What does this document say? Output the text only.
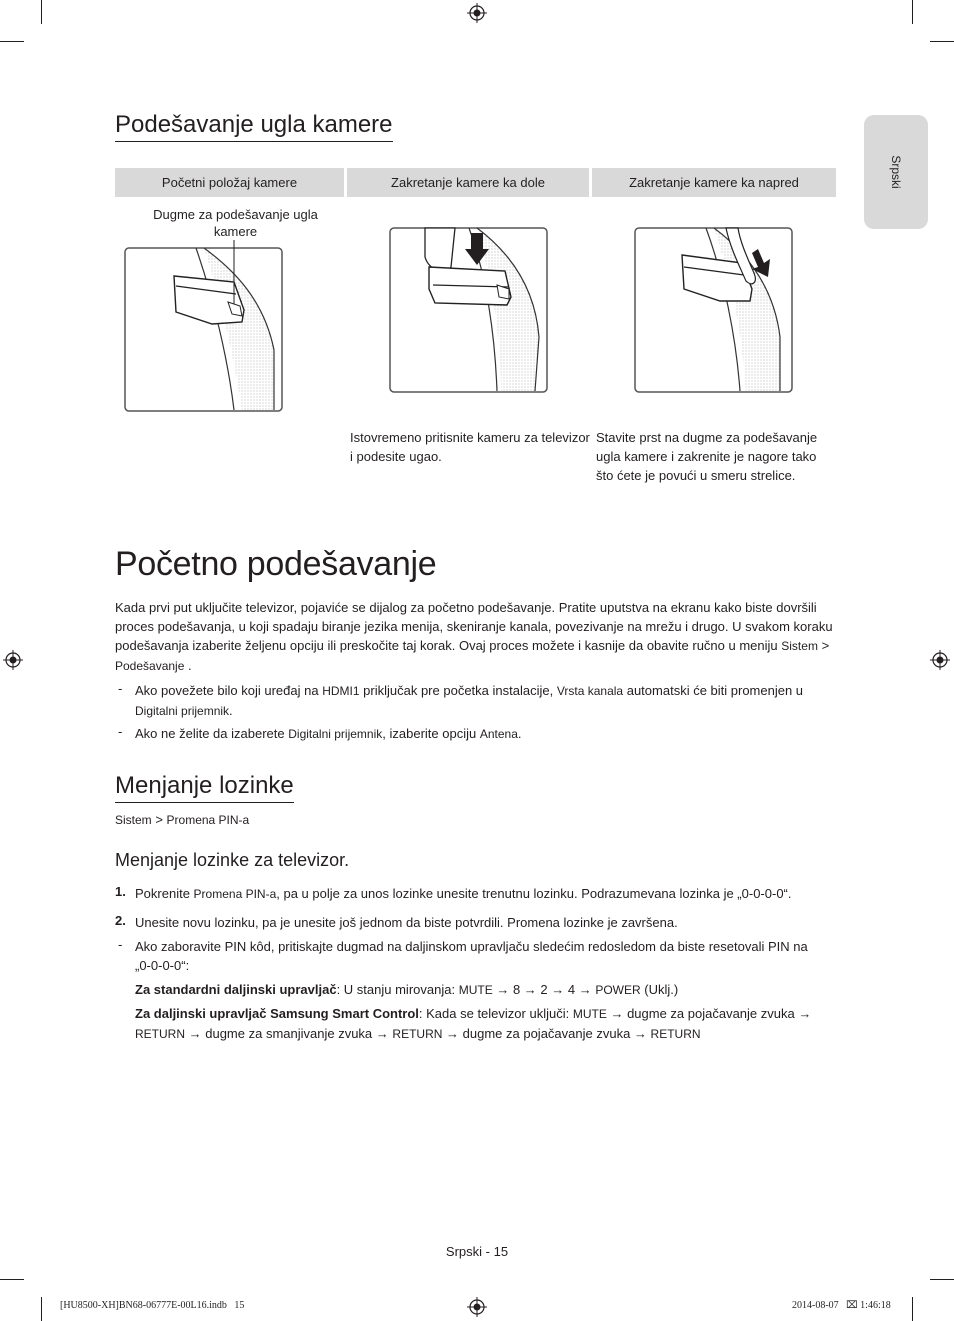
Srpski
Podešavanje ugla kamere
Početni položaj kamere	Zakretanje kamere ka dole	Zakretanje kamere ka napred
Dugme za podešavanje ugla
kamere
Istovremeno pritisnite kameru za televizor
i podesite ugao.
Stavite prst na dugme za podešavanje
ugla kamere i zakrenite je nagore tako
što ćete je povući u smeru strelice.
Početno podešavanje
Kada prvi put uključite televizor, pojaviće se dijalog za početno podešavanje. Pratite uputstva na ekranu kako biste dovršili
proces podešavanja, u koji spadaju biranje jezika menija, skeniranje kanala, povezivanje na mrežu i drugo. U svakom koraku
podešavanja izaberite željenu opciju ili preskočite taj korak. Ovaj proces možete i kasnije da obavite ručno u meniju Sistem >
Podešavanje .
- Ako povežete bilo koji uređaj na HDMI1 priključak pre početka instalacije, Vrsta kanala automatski će biti promenjen u
Digitalni prijemnik.
- Ako ne želite da izaberete Digitalni prijemnik, izaberite opciju Antena.
Menjanje lozinke
Sistem > Promena PIN-a
Menjanje lozinke za televizor.
1. Pokrenite Promena PIN-a, pa u polje za unos lozinke unesite trenutnu lozinku. Podrazumevana lozinka je „0-0-0-0“.
2. Unesite novu lozinku, pa je unesite još jednom da biste potvrdili. Promena lozinke je završena.
- Ako zaboravite PIN kôd, pritiskajte dugmad na daljinskom upravljaču sledećim redosledom da biste resetovali PIN na
„0-0-0-0“:
Za standardni daljinski upravljač: U stanju mirovanja: MUTE → 8 → 2 → 4 → POWER (Uklj.)
Za daljinski upravljač Samsung Smart Control: Kada se televizor uključi: MUTE → dugme za pojačavanje zvuka →
RETURN → dugme za smanjivanje zvuka → RETURN → dugme za pojačavanje zvuka → RETURN
Srpski - 15
[HU8500-XH]BN68-06777E-00L16.indb   15	2014-08-07   ⌧ 1:46:18
